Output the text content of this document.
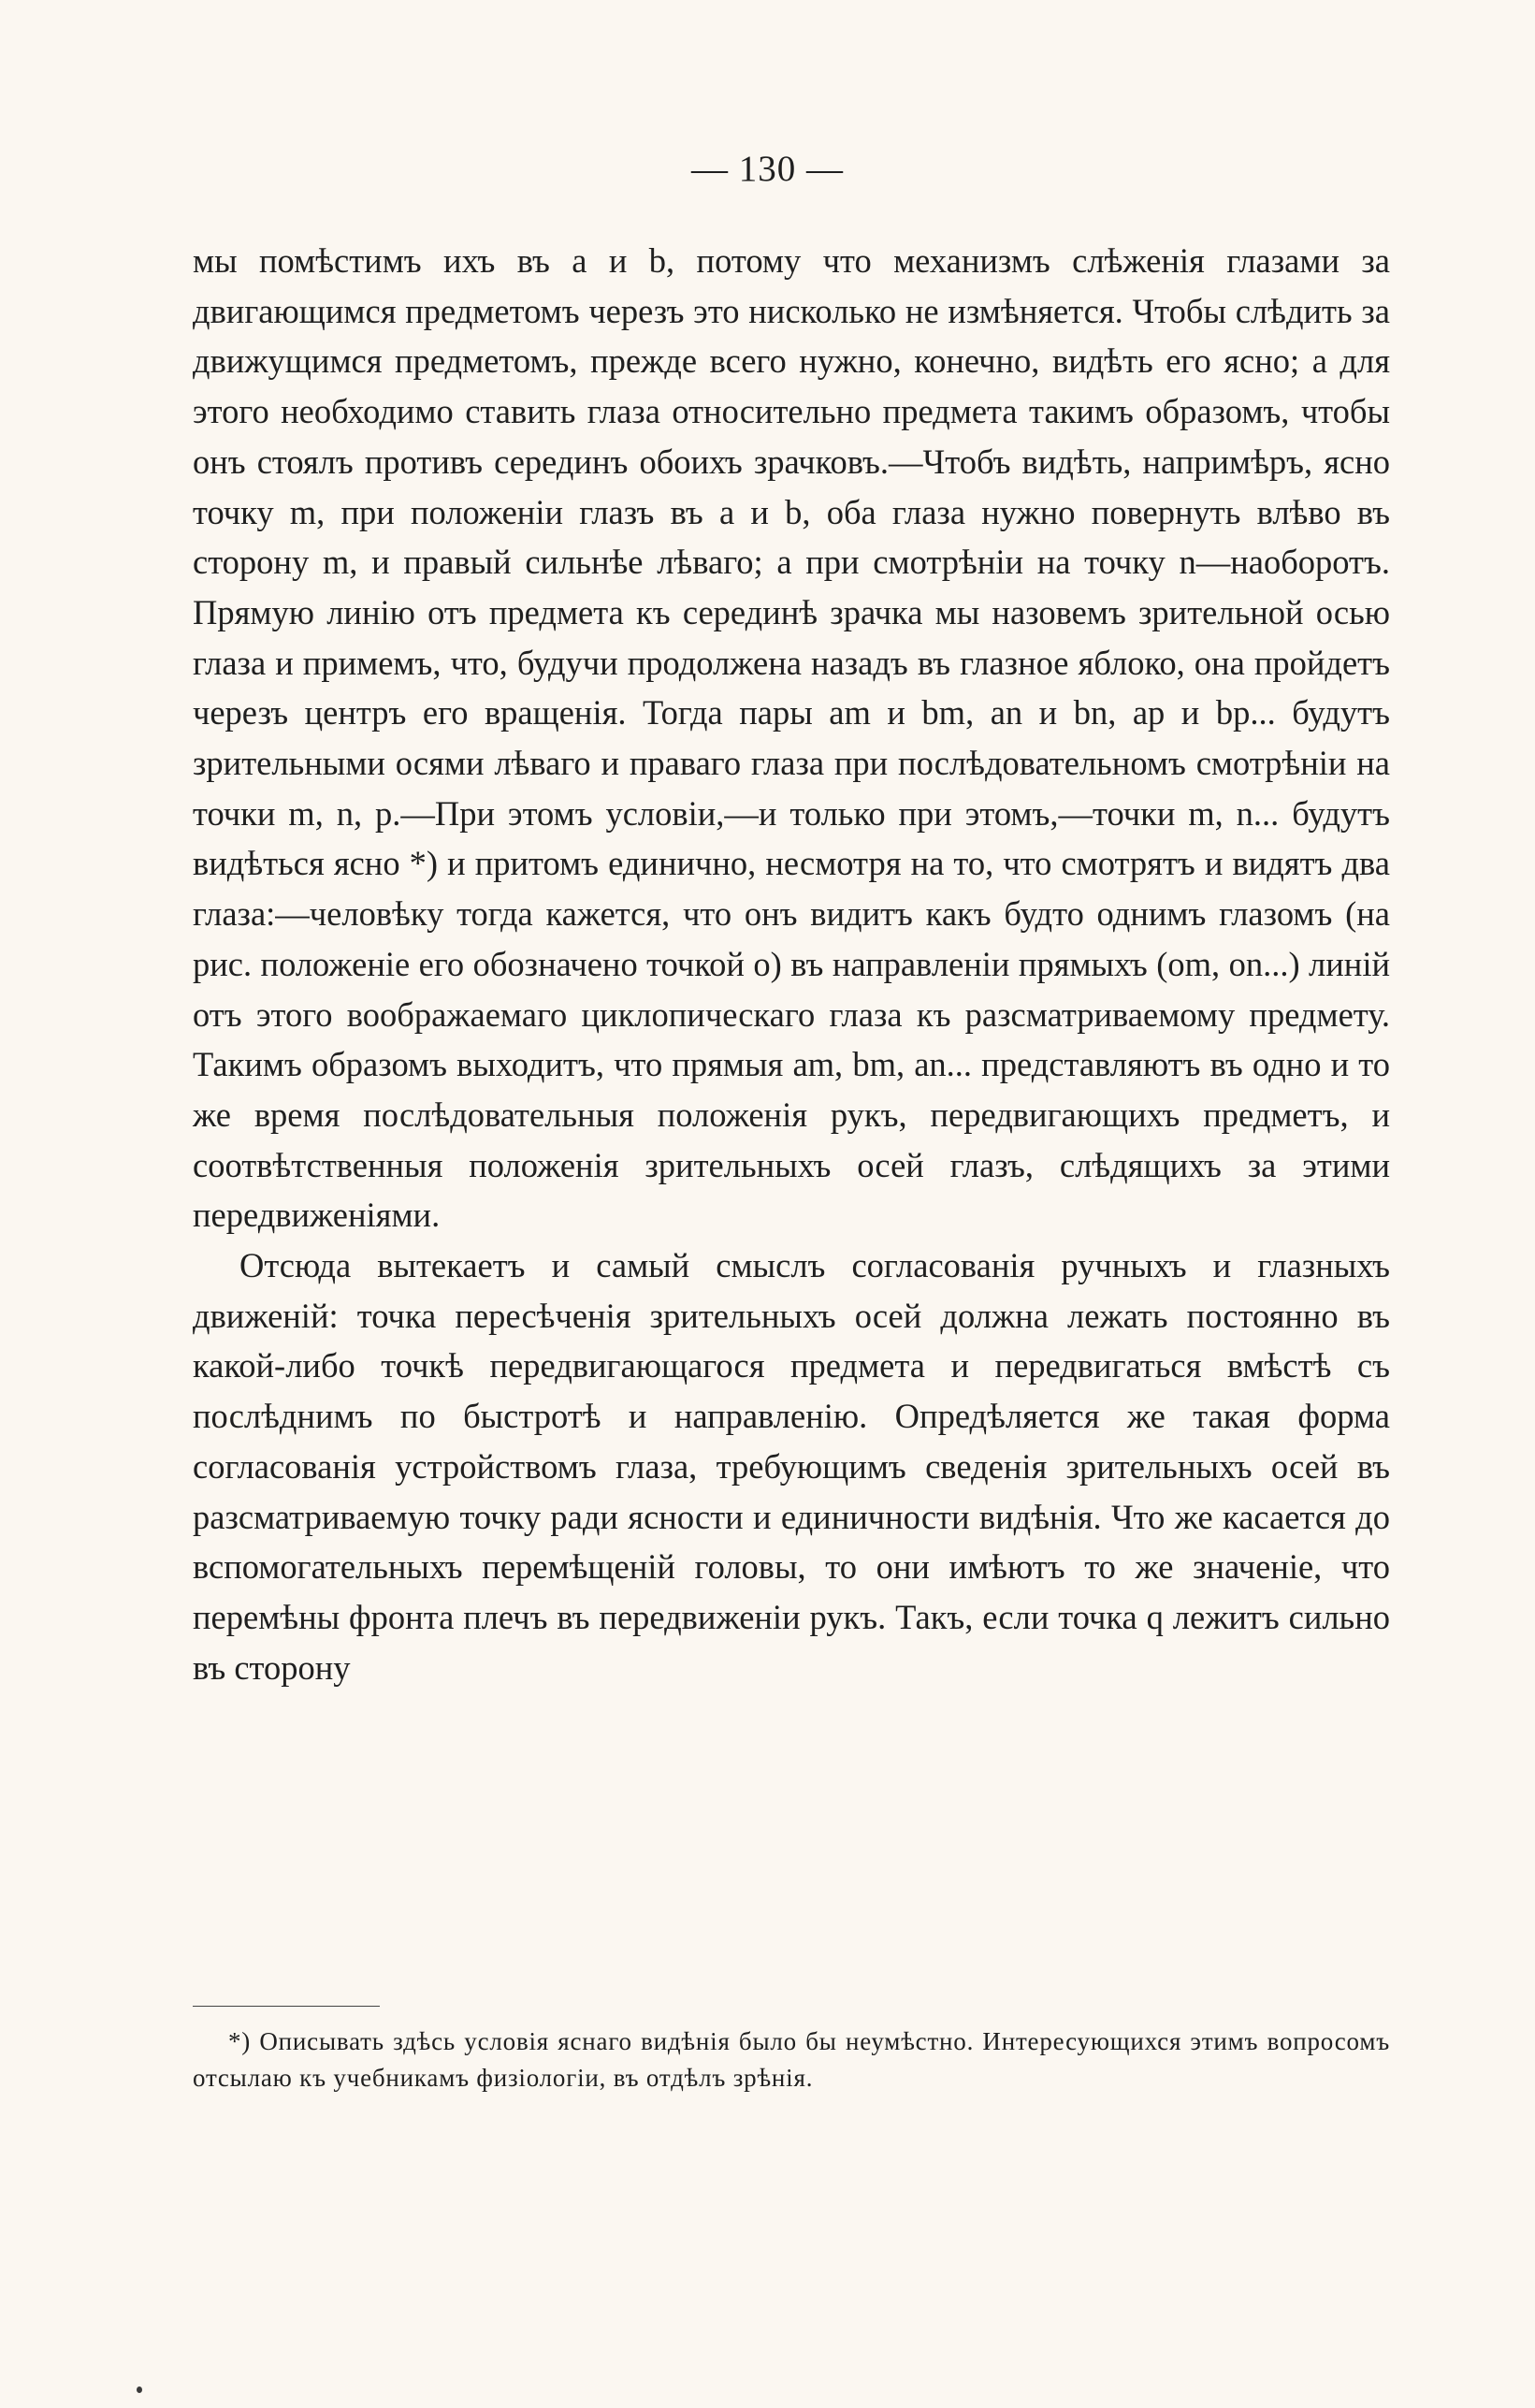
— 130 —

мы помѣстимъ ихъ въ a и b, потому что механизмъ слѣженія глазами за двигающимся предметомъ черезъ это нисколько не измѣняется. Чтобы слѣдить за движущимся предметомъ, прежде всего нужно, конечно, видѣть его ясно; а для этого необходимо ставить глаза относительно предмета такимъ образомъ, чтобы онъ стоялъ противъ серединъ обоихъ зрачковъ.—Чтобъ видѣть, напримѣръ, ясно точку m, при положеніи глазъ въ a и b, оба глаза нужно повернуть влѣво въ сторону m, и правый сильнѣе лѣваго; а при смотрѣніи на точку n—наоборотъ. Прямую линію отъ предмета къ серединѣ зрачка мы назовемъ зрительной осью глаза и примемъ, что, будучи продолжена назадъ въ глазное яблоко, она пройдетъ черезъ центръ его вращенія. Тогда пары am и bm, an и bn, ap и bp... будутъ зрительными осями лѣваго и праваго глаза при послѣдовательномъ смотрѣніи на точки m, n, p.—При этомъ условіи,—и только при этомъ,—точки m, n... будутъ видѣться ясно *) и притомъ единично, несмотря на то, что смотрятъ и видятъ два глаза:—человѣку тогда кажется, что онъ видитъ какъ будто однимъ глазомъ (на рис. положеніе его обозначено точкой o) въ направленіи прямыхъ (om, on...) линій отъ этого воображаемаго циклопическаго глаза къ разсматриваемому предмету. Такимъ образомъ выходитъ, что прямыя am, bm, an... представляютъ въ одно и то же время послѣдовательныя положенія рукъ, передвигающихъ предметъ, и соотвѣтственныя положенія зрительныхъ осей глазъ, слѣдящихъ за этими передвиженіями.

Отсюда вытекаетъ и самый смыслъ согласованія ручныхъ и глазныхъ движеній: точка пересѣченія зрительныхъ осей должна лежать постоянно въ какой-либо точкѣ передвигающагося предмета и передвигаться вмѣстѣ съ послѣднимъ по быстротѣ и направленію. Опредѣляется же такая форма согласованія устройствомъ глаза, требующимъ сведенія зрительныхъ осей въ разсматриваемую точку ради ясности и единичности видѣнія. Что же касается до вспомогательныхъ перемѣщеній головы, то они имѣютъ то же значеніе, что перемѣны фронта плечъ въ передвиженіи рукъ. Такъ, если точка q лежитъ сильно въ сторону

*) Описывать здѣсь условія яснаго видѣнія было бы неумѣстно. Интересующихся этимъ вопросомъ отсылаю къ учебникамъ физіологіи, въ отдѣлъ зрѣнія.
